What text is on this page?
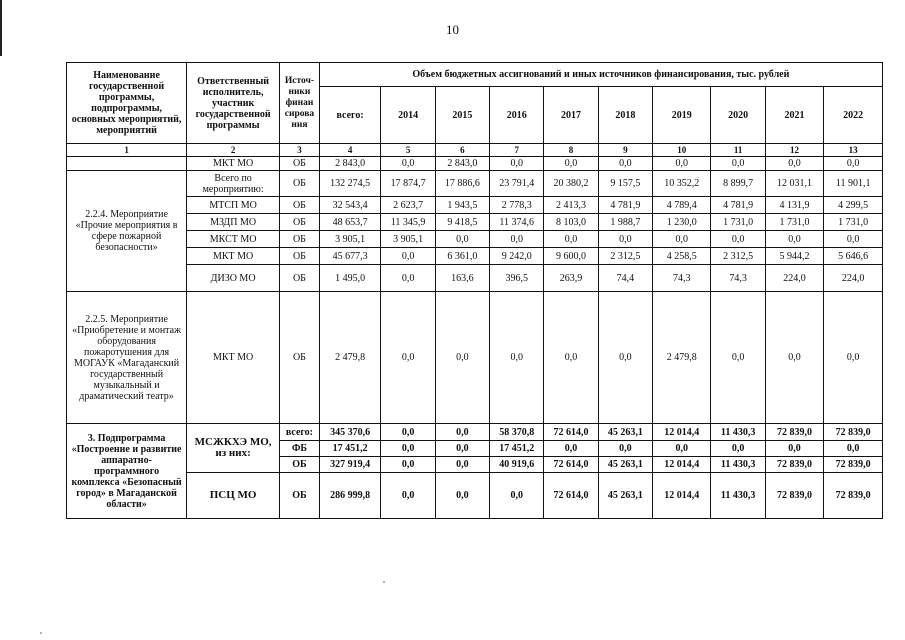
10
Наименование государственной программы, подпрограммы, основных мероприятий, мероприятий	Ответственный исполнитель, участник государственной программы	Источ-ники финан сирова ния	Объем бюджетных ассигнований и иных источников финансирования, тыс. рублей									
			всего:	2014	2015	2016	2017	2018	2019	2020	2021	2022
1	2	3	4	5	6	7	8	9	10	11	12	13
	МКТ МО	ОБ	2 843,0	0,0	2 843,0	0,0	0,0	0,0	0,0	0,0	0,0	0,0
2.2.4. Мероприятие «Прочие мероприятия в сфере пожарной безопасности»	Всего по мероприятию:	ОБ	132 274,5	17 874,7	17 886,6	23 791,4	20 380,2	9 157,5	10 352,2	8 899,7	12 031,1	11 901,1
	МТСП МО	ОБ	32 543,4	2 623,7	1 943,5	2 778,3	2 413,3	4 781,9	4 789,4	4 781,9	4 131,9	4 299,5
	МЗДП МО	ОБ	48 653,7	11 345,9	9 418,5	11 374,6	8 103,0	1 988,7	1 230,0	1 731,0	1 731,0	1 731,0
	МКСТ МО	ОБ	3 905,1	3 905,1	0,0	0,0	0,0	0,0	0,0	0,0	0,0	0,0
	МКТ МО	ОБ	45 677,3	0,0	6 361,0	9 242,0	9 600,0	2 312,5	4 258,5	2 312,5	5 944,2	5 646,6
	ДИЗО МО	ОБ	1 495,0	0,0	163,6	396,5	263,9	74,4	74,3	74,3	224,0	224,0
2.2.5. Мероприятие «Приобретение и монтаж оборудования пожаротушения для МОГАУК «Магаданский государственный музыкальный и драматический театр»	МКТ МО	ОБ	2 479,8	0,0	0,0	0,0	0,0	0,0	2 479,8	0,0	0,0	0,0
3. Подпрограмма «Построение и развитие аппаратно-программного комплекса «Безопасный город» в Магаданской области»	МСЖКХЭ МО, из них:	всего:	345 370,6	0,0	0,0	58 370,8	72 614,0	45 263,1	12 014,4	11 430,3	72 839,0	72 839,0
		ФБ	17 451,2	0,0	0,0	17 451,2	0,0	0,0	0,0	0,0	0,0	0,0
		ОБ	327 919,4	0,0	0,0	40 919,6	72 614,0	45 263,1	12 014,4	11 430,3	72 839,0	72 839,0
	ПСЦ МО	ОБ	286 999,8	0,0	0,0	0,0	72 614,0	45 263,1	12 014,4	11 430,3	72 839,0	72 839,0
